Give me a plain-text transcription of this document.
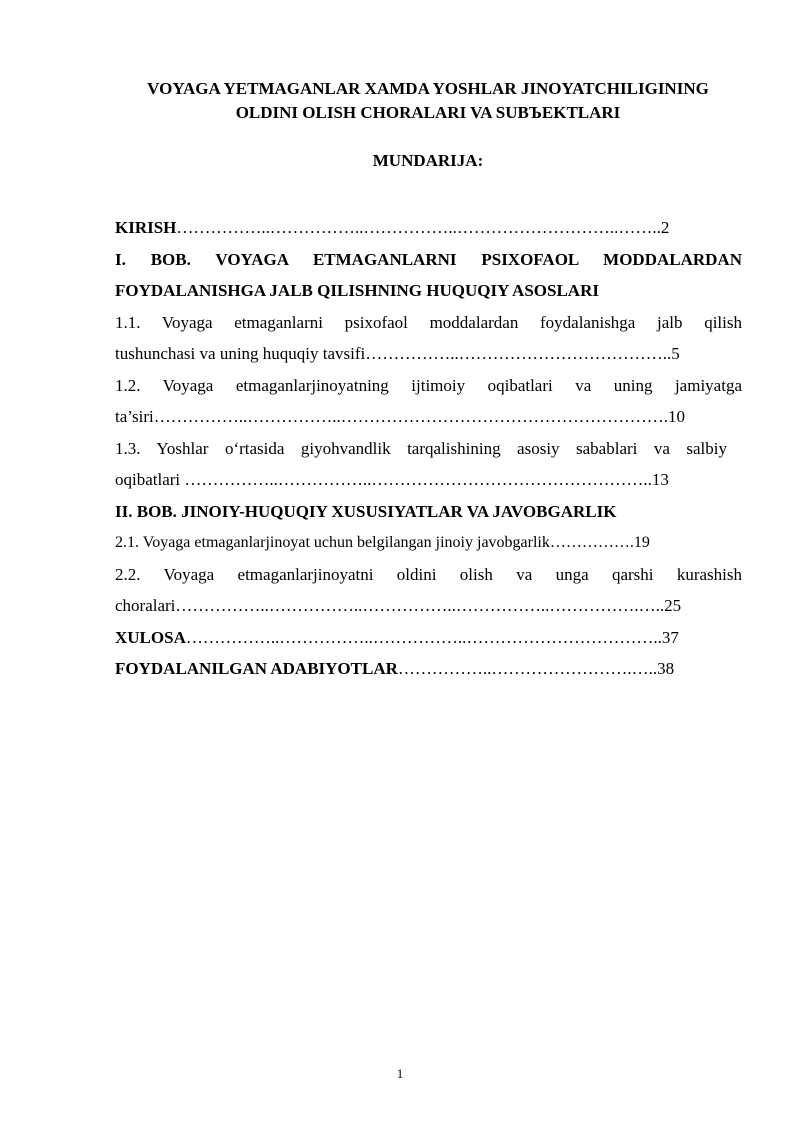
VOYAGA YETMAGANLAR XAMDA YOSHLAR JINOYATCHILIGINING
OLDINI OLISH CHORALARI VA SUBЪEKTLARI
MUNDARIJA:
KIRISH……………..……………..……………..………………………..……..2
I. BOB. VOYAGA ETMAGANLARNI PSIXOFAOL MODDALARDAN
FOYDALANISHGA JALB QILISHNING HUQUQIY ASOSLARI
1.1. Voyaga etmaganlarni psixofaol moddalardan foydalanishga jalb qilish
tushunchasi va uning huquqiy tavsifi……………..………………………………..5
1.2. Voyaga etmaganlarjinoyatning ijtimoiy oqibatlari va uning jamiyatga
ta’siri……………..……………..………………………………………………….10
1.3. Yoshlar o‘rtasida giyohvandlik tarqalishining asosiy sabablari va salbiy
oqibatlari ……………..……………..…………………………………………..13
II. BOB. JINOIY-HUQUQIY XUSUSIYATLAR VA JAVOBGARLIK
2.1. Voyaga etmaganlarjinoyat uchun belgilangan jinoiy javobgarlik…………….19
2.2. Voyaga etmaganlarjinoyatni oldini olish va unga qarshi kurashish
choralari……………..……………..……………..……………..…………….…..25
XULOSA……………..……………..……………..……………………………..37
FOYDALANILGAN ADABIYOTLAR……………..…………………….…..38
1
